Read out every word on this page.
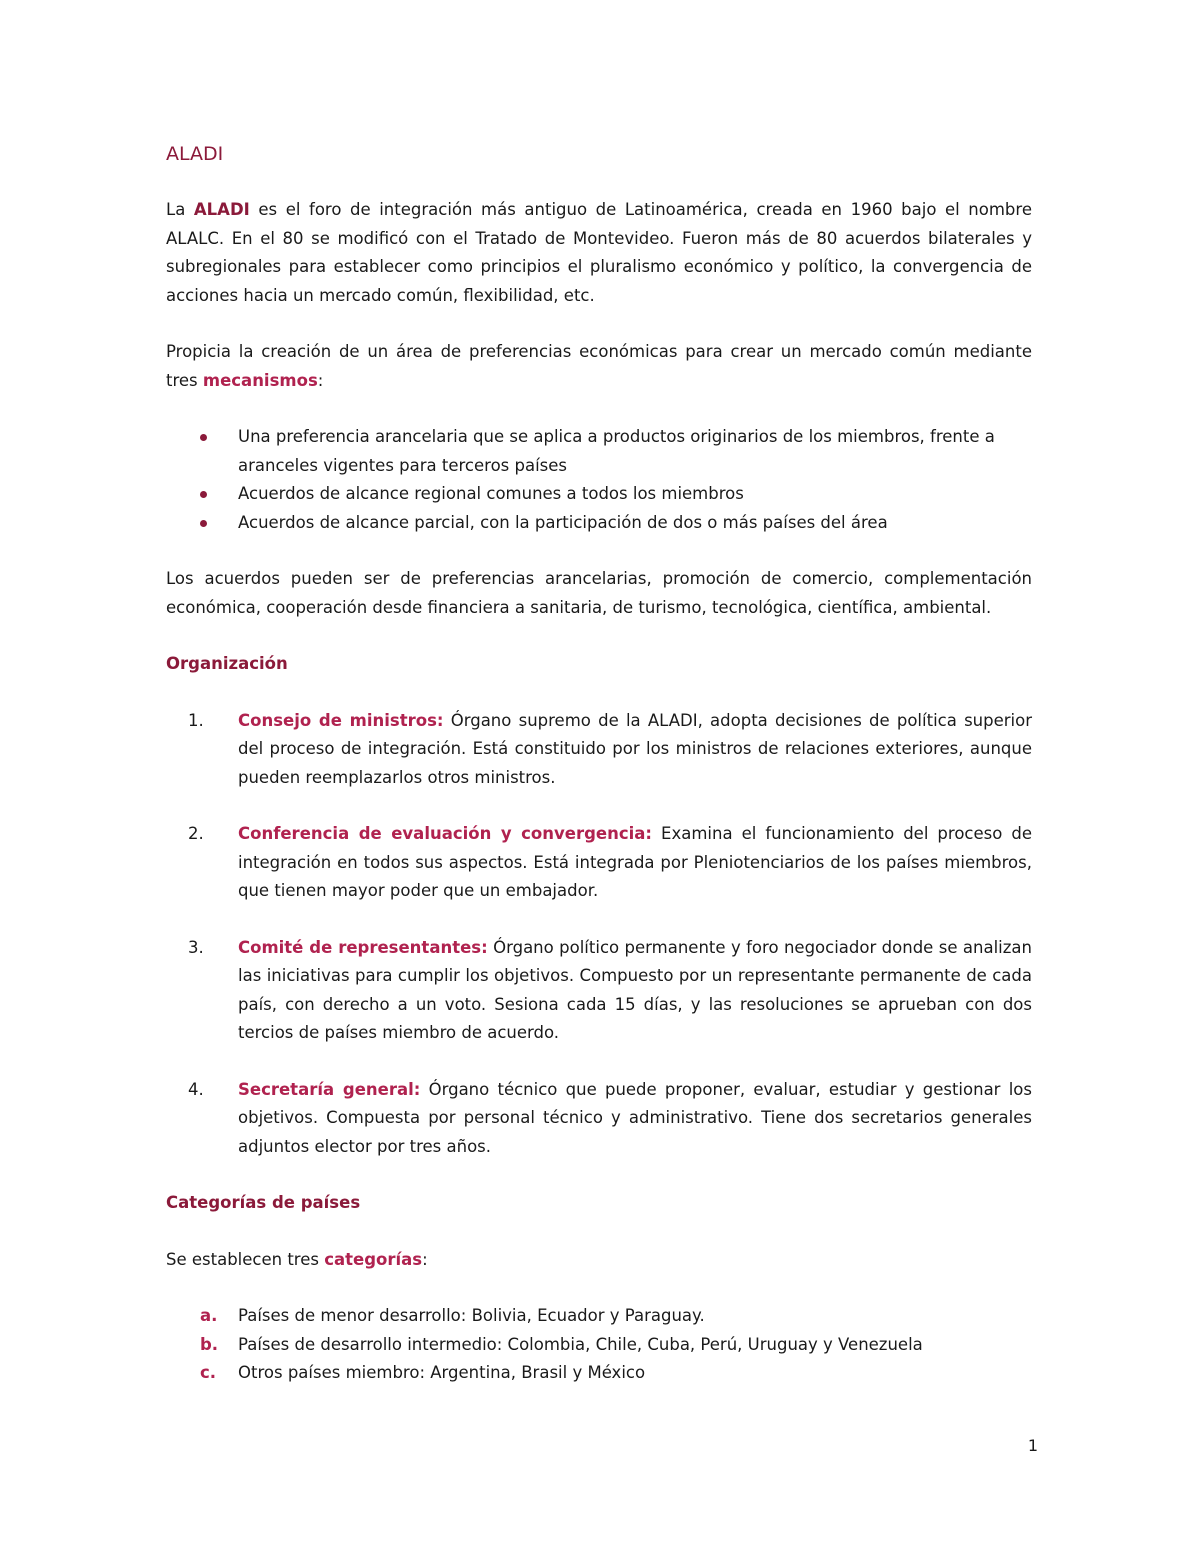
ALADI

La ALADI es el foro de integración más antiguo de Latinoamérica, creada en 1960 bajo el nombre ALALC. En el 80 se modificó con el Tratado de Montevideo. Fueron más de 80 acuerdos bilaterales y subregionales para establecer como principios el pluralismo económico y político, la convergencia de acciones hacia un mercado común, flexibilidad, etc.

Propicia la creación de un área de preferencias económicas para crear un mercado común mediante tres mecanismos:

Una preferencia arancelaria que se aplica a productos originarios de los miembros, frente a aranceles vigentes para terceros países
Acuerdos de alcance regional comunes a todos los miembros
Acuerdos de alcance parcial, con la participación de dos o más países del área

Los acuerdos pueden ser de preferencias arancelarias, promoción de comercio, complementación económica, cooperación desde financiera a sanitaria, de turismo, tecnológica, científica, ambiental.

Organización
1. Consejo de ministros: Órgano supremo de la ALADI, adopta decisiones de política superior del proceso de integración. Está constituido por los ministros de relaciones exteriores, aunque pueden reemplazarlos otros ministros.
2. Conferencia de evaluación y convergencia: Examina el funcionamiento del proceso de integración en todos sus aspectos. Está integrada por Pleniotenciarios de los países miembros, que tienen mayor poder que un embajador.
3. Comité de representantes: Órgano político permanente y foro negociador donde se analizan las iniciativas para cumplir los objetivos. Compuesto por un representante permanente de cada país, con derecho a un voto. Sesiona cada 15 días, y las resoluciones se aprueban con dos tercios de países miembro de acuerdo.
4. Secretaría general: Órgano técnico que puede proponer, evaluar, estudiar y gestionar los objetivos. Compuesta por personal técnico y administrativo. Tiene dos secretarios generales adjuntos elector por tres años.
Categorías de países

Se establecen tres categorías:

a. Países de menor desarrollo: Bolivia, Ecuador y Paraguay.
b. Países de desarrollo intermedio: Colombia, Chile, Cuba, Perú, Uruguay y Venezuela
c. Otros países miembro: Argentina, Brasil y México
1
